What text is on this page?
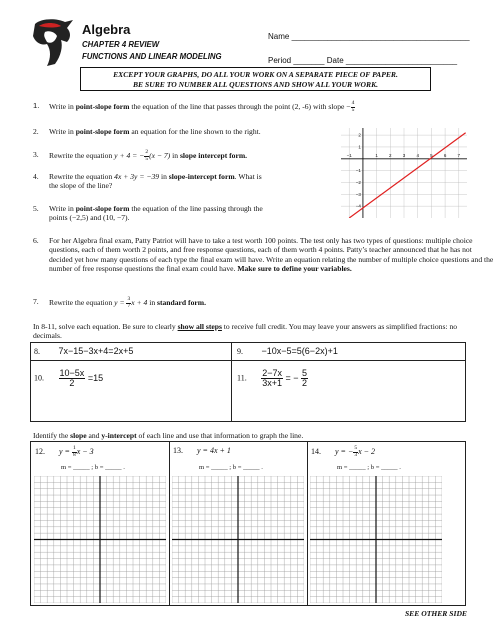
Algebra
CHAPTER 4 REVIEW
FUNCTIONS AND LINEAR MODELING
Name ________________________________________
Period _______ Date _________________________
EXCEPT YOUR GRAPHS, DO ALL YOUR WORK ON A SEPARATE PIECE OF PAPER.
BE SURE TO NUMBER ALL QUESTIONS AND SHOW ALL YOUR WORK.
1. Write in point-slope form the equation of the line that passes through the point (2, -6) with slope − $\frac{4}{5}$
2. Write in point-slope form an equation for the line shown to the right.
3. Rewrite the equation y + 4 = − $\frac{2}{5} (x - 7)$ in slope intercept form.
4. Rewrite the equation 4x + 3y = −39 in slope-intercept form. What is
the slope of the line?
5. Write in point-slope form the equation of the line passing through the
points (−2,5) and (10, −7).
−1	1 2 3 4 5 6 7
2
1
−1
−2
−3
−4
6. For her Algebra final exam, Patty Patriot will have to take a test worth 100 points. The test only has two types of questions: multiple choice questions, each of them worth 2 points, and free response questions, each of them worth 4 points. Patty’s teacher announced that he has not decided yet how many questions of each type the final exam will have. Write an equation relating the number of multiple choice questions and the number of free response questions the final exam could have. Make sure to define your variables.
7. Rewrite the equation $y = \frac{3}{7}$ x + 4 in standard form.
In 8-11, solve each equation. Be sure to clearly show all steps to receive full credit. You may leave your answers as simplified fractions: no decimals.
8. 7x−15−3x+4=2x+5	9. −10x−5=5(6−2x)+1
10. $\frac{10-5x}{2} =15$	11. $\frac{2-7x}{3x+1}$ = − $\frac{5}{2}$
Identify the slope and y-intercept of each line and use that information to graph the line.
12. $y = \frac{1}{8}$ x − 3
m = _____ ; b = _____ .
13. y = 4x + 1
m = _____ ; b = _____ .
14. y = − $\frac{5}{3}$ x − 2
m = _____ ; b = _____ .
SEE OTHER SIDE
